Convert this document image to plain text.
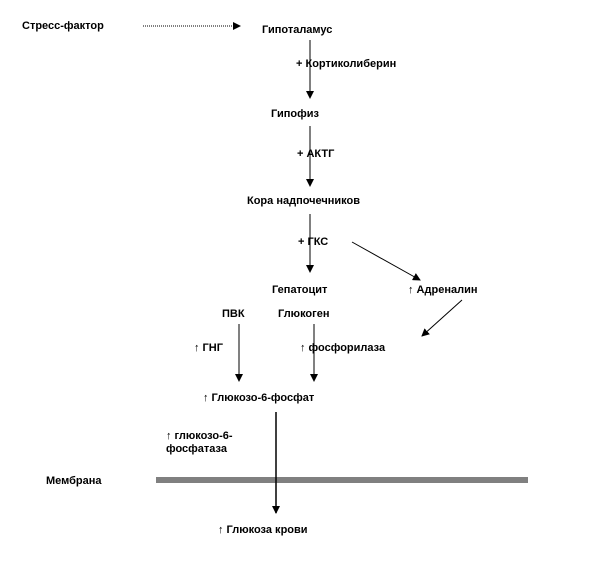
Стресс-фактор	Гипоталамус
+ Кортиколиберин
Гипофиз
+ АКТГ
Кора надпочечников
+ ГКС
Гепатоцит	↑ Адреналин
ПВК	Глюкоген
↑ ГНГ	↑ фосфорилаза
↑ Глюкозо-6-фосфат
↑ глюкозо-6-
фосфатаза
Мембрана
↑ Глюкоза крови
